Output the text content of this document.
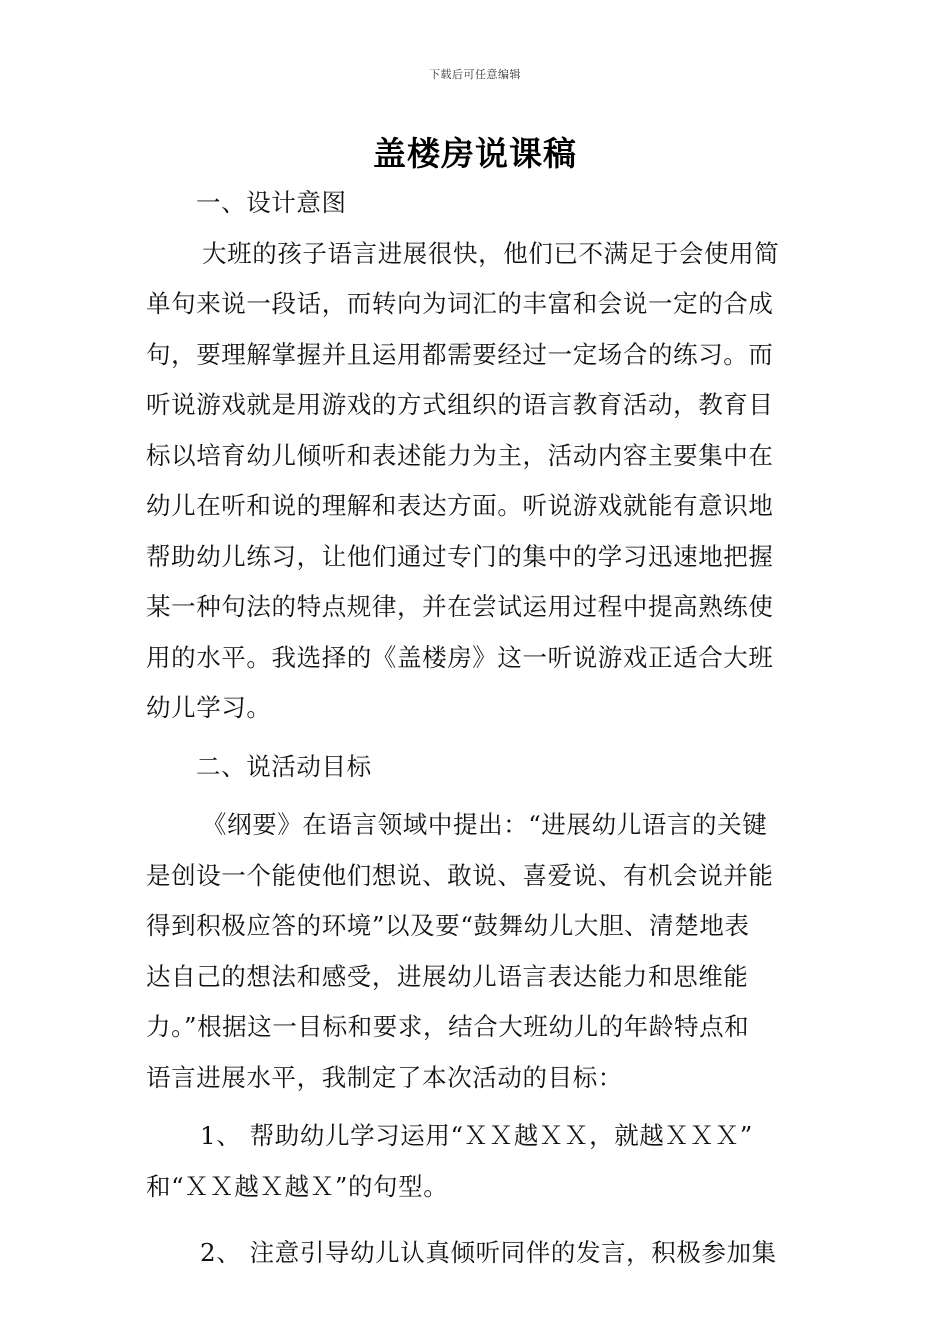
下载后可任意编辑
盖楼房说课稿
一、设计意图
大班的孩子语言进展很快，他们已不满足于会使用简
单句来说一段话，而转向为词汇的丰富和会说一定的合成
句，要理解掌握并且运用都需要经过一定场合的练习。而
听说游戏就是用游戏的方式组织的语言教育活动，教育目
标以培育幼儿倾听和表述能力为主，活动内容主要集中在
幼儿在听和说的理解和表达方面。听说游戏就能有意识地
帮助幼儿练习，让他们通过专门的集中的学习迅速地把握
某一种句法的特点规律，并在尝试运用过程中提高熟练使
用的水平。我选择的《盖楼房》这一听说游戏正适合大班
幼儿学习。
二、说活动目标
《纲要》在语言领域中提出：“进展幼儿语言的关键
是创设一个能使他们想说、敢说、喜爱说、有机会说并能
得到积极应答的环境”以及要“鼓舞幼儿大胆、清楚地表
达自己的想法和感受，进展幼儿语言表达能力和思维能
力。”根据这一目标和要求，结合大班幼儿的年龄特点和
语言进展水平，我制定了本次活动的目标：
1、 帮助幼儿学习运用“ＸＸ越ＸＸ，就越ＸＸＸ”
和“ＸＸ越Ｘ越Ｘ”的句型。
2、 注意引导幼儿认真倾听同伴的发言，积极参加集
